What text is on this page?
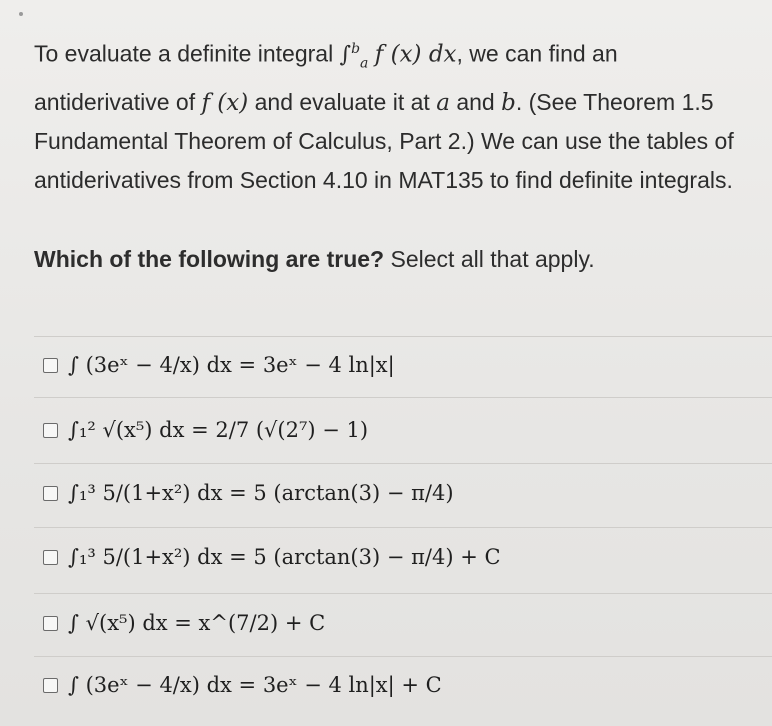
To evaluate a definite integral ∫$^b_a$ f (x) dx, we can find an antiderivative of f (x) and evaluate it at a and b. (See Theorem 1.5 Fundamental Theorem of Calculus, Part 2.) We can use the tables of antiderivatives from Section 4.10 in MAT135 to find definite integrals.
Which of the following are true? Select all that apply.
∫ (3eˣ − 4/x) dx = 3eˣ − 4 ln|x|
∫₁² √(x⁵) dx = 2/7 (√(2⁷) − 1)
∫₁³ 5/(1+x²) dx = 5 (arctan(3) − π/4)
∫₁³ 5/(1+x²) dx = 5 (arctan(3) − π/4) + C
∫ √(x⁵) dx = x^(7/2) + C
∫ (3eˣ − 4/x) dx = 3eˣ − 4 ln|x| + C
